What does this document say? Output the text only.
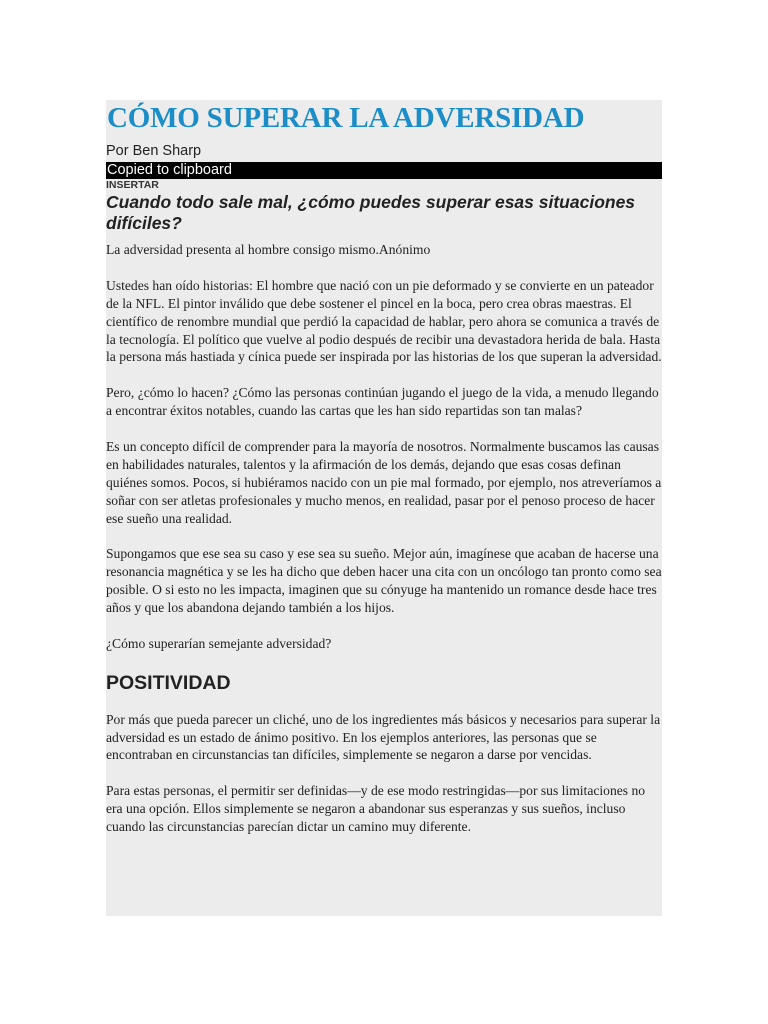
CÓMO SUPERAR LA ADVERSIDAD
Por Ben Sharp
Copied to clipboard
INSERTAR
Cuando todo sale mal, ¿cómo puedes superar esas situaciones difíciles?

La adversidad presenta al hombre consigo mismo.Anónimo

Ustedes han oído historias: El hombre que nació con un pie deformado y se convierte en un pateador de la NFL. El pintor inválido que debe sostener el pincel en la boca, pero crea obras maestras. El científico de renombre mundial que perdió la capacidad de hablar, pero ahora se comunica a través de la tecnología. El político que vuelve al podio después de recibir una devastadora herida de bala. Hasta la persona más hastiada y cínica puede ser inspirada por las historias de los que superan la adversidad.

Pero, ¿cómo lo hacen? ¿Cómo las personas continúan jugando el juego de la vida, a menudo llegando a encontrar éxitos notables, cuando las cartas que les han sido repartidas son tan malas?

Es un concepto difícil de comprender para la mayoría de nosotros. Normalmente buscamos las causas en habilidades naturales, talentos y la afirmación de los demás, dejando que esas cosas definan quiénes somos. Pocos, si hubiéramos nacido con un pie mal formado, por ejemplo, nos atreveríamos a soñar con ser atletas profesionales y mucho menos, en realidad, pasar por el penoso proceso de hacer ese sueño una realidad.

Supongamos que ese sea su caso y ese sea su sueño. Mejor aún, imagínese que acaban de hacerse una resonancia magnética y se les ha dicho que deben hacer una cita con un oncólogo tan pronto como sea posible. O si esto no les impacta, imaginen que su cónyuge ha mantenido un romance desde hace tres años y que los abandona dejando también a los hijos.

¿Cómo superarían semejante adversidad?

POSITIVIDAD

Por más que pueda parecer un cliché, uno de los ingredientes más básicos y necesarios para superar la adversidad es un estado de ánimo positivo. En los ejemplos anteriores, las personas que se encontraban en circunstancias tan difíciles, simplemente se negaron a darse por vencidas.

Para estas personas, el permitir ser definidas—y de ese modo restringidas—por sus limitaciones no era una opción. Ellos simplemente se negaron a abandonar sus esperanzas y sus sueños, incluso cuando las circunstancias parecían dictar un camino muy diferente.
